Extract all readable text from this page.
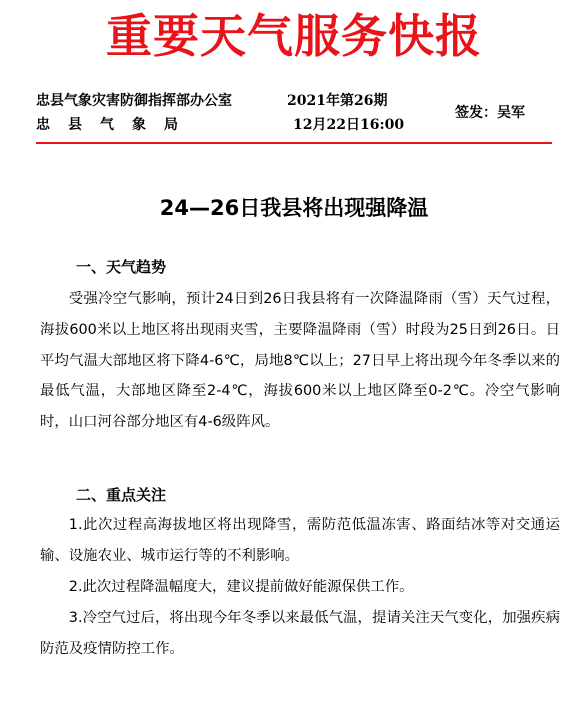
重要天气服务快报
忠县气象灾害防御指挥部办公室
忠县气象局
2021年第26期
12月22日16:00
签发：吴军
24—26日我县将出现强降温
一、天气趋势
受强冷空气影响，预计24日到26日我县将有一次降温降雨（雪）天气过程，海拔600米以上地区将出现雨夹雪，主要降温降雨（雪）时段为25日到26日。日平均气温大部地区将下降4-6℃，局地8℃以上；27日早上将出现今年冬季以来的最低气温，大部地区降至2-4℃，海拔600米以上地区降至0-2℃。冷空气影响时，山口河谷部分地区有4-6级阵风。
二、重点关注
1.此次过程高海拔地区将出现降雪，需防范低温冻害、路面结冰等对交通运输、设施农业、城市运行等的不利影响。
2.此次过程降温幅度大，建议提前做好能源保供工作。
3.冷空气过后，将出现今年冬季以来最低气温，提请关注天气变化，加强疾病防范及疫情防控工作。
